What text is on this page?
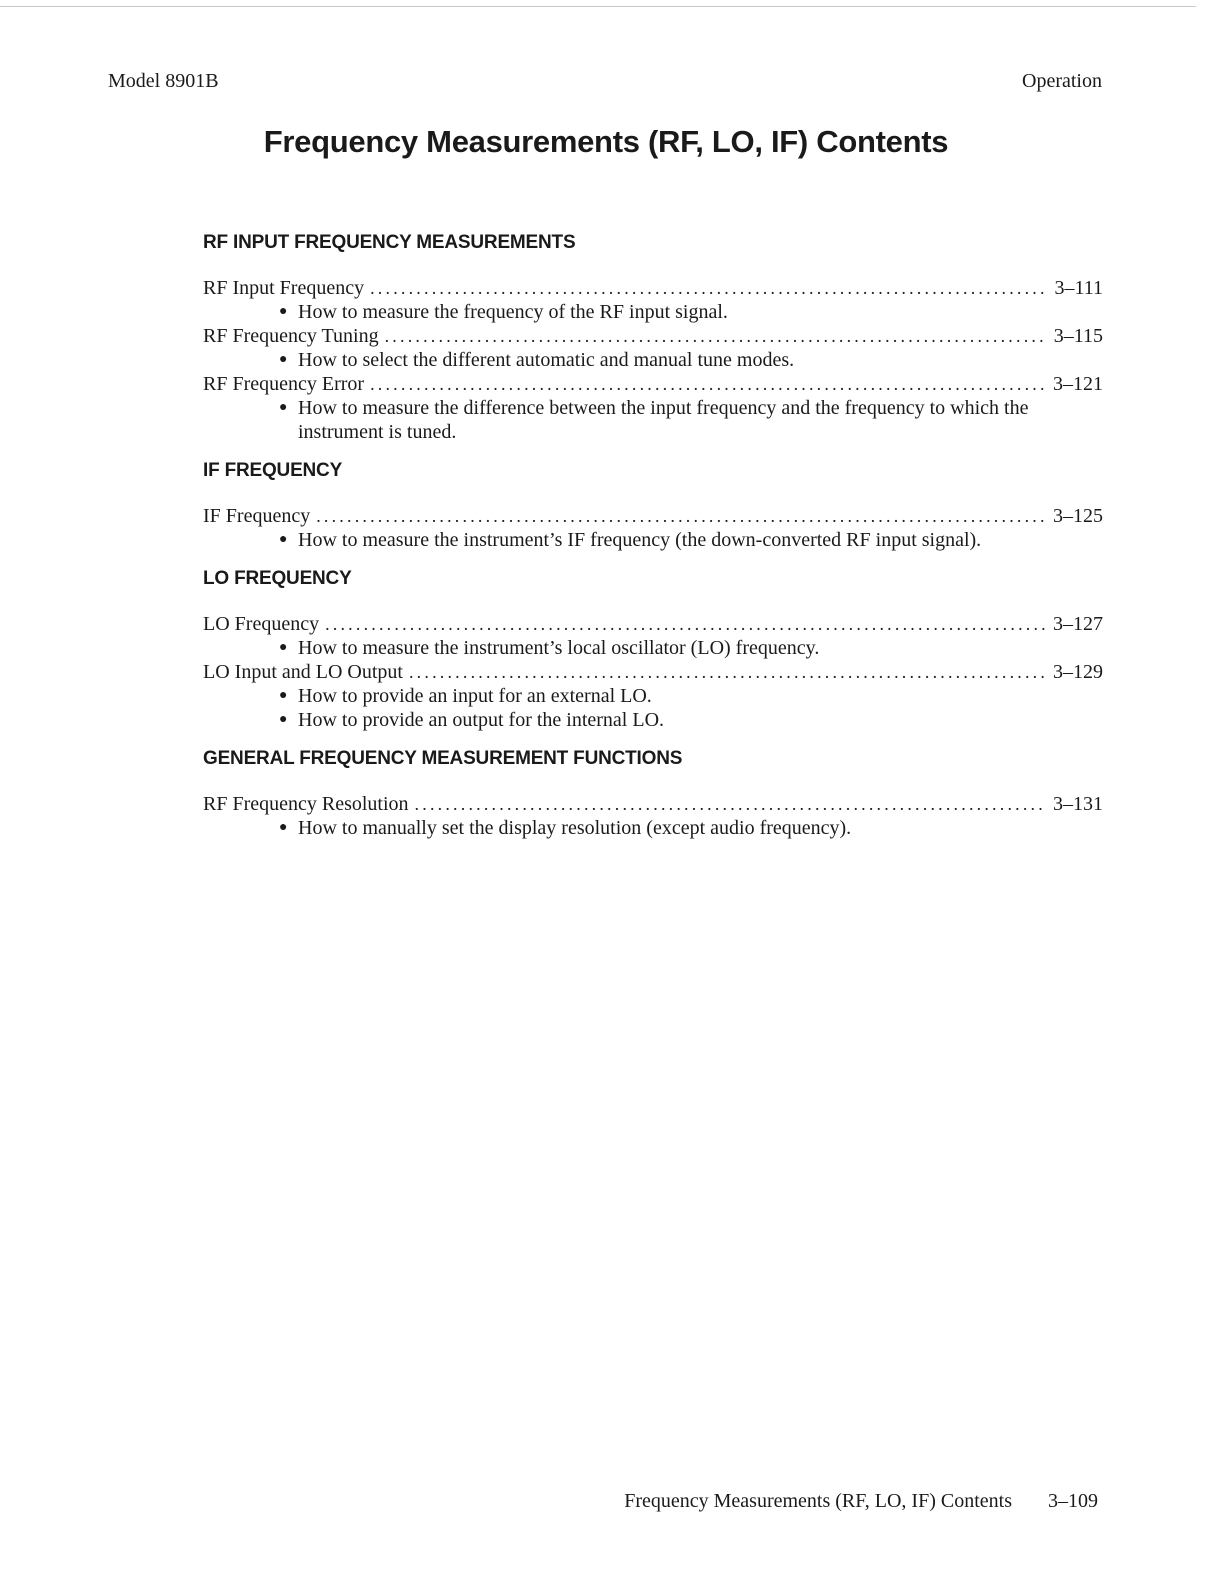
Model 8901B	Operation
Frequency Measurements (RF, LO, IF) Contents
RF INPUT FREQUENCY MEASUREMENTS
RF Input Frequency .....	3–111
● How to measure the frequency of the RF input signal.
RF Frequency Tuning .....	3–115
● How to select the different automatic and manual tune modes.
RF Frequency Error .....	3–121
● How to measure the difference between the input frequency and the frequency to which the instrument is tuned.
IF FREQUENCY
IF Frequency .....	3–125
● How to measure the instrument’s IF frequency (the down-converted RF input signal).
LO FREQUENCY
LO Frequency .....	3–127
● How to measure the instrument’s local oscillator (LO) frequency.
LO Input and LO Output .....	3–129
● How to provide an input for an external LO.
● How to provide an output for the internal LO.
GENERAL FREQUENCY MEASUREMENT FUNCTIONS
RF Frequency Resolution .....	3–131
● How to manually set the display resolution (except audio frequency).
Frequency Measurements (RF, LO, IF) Contents 3–109
